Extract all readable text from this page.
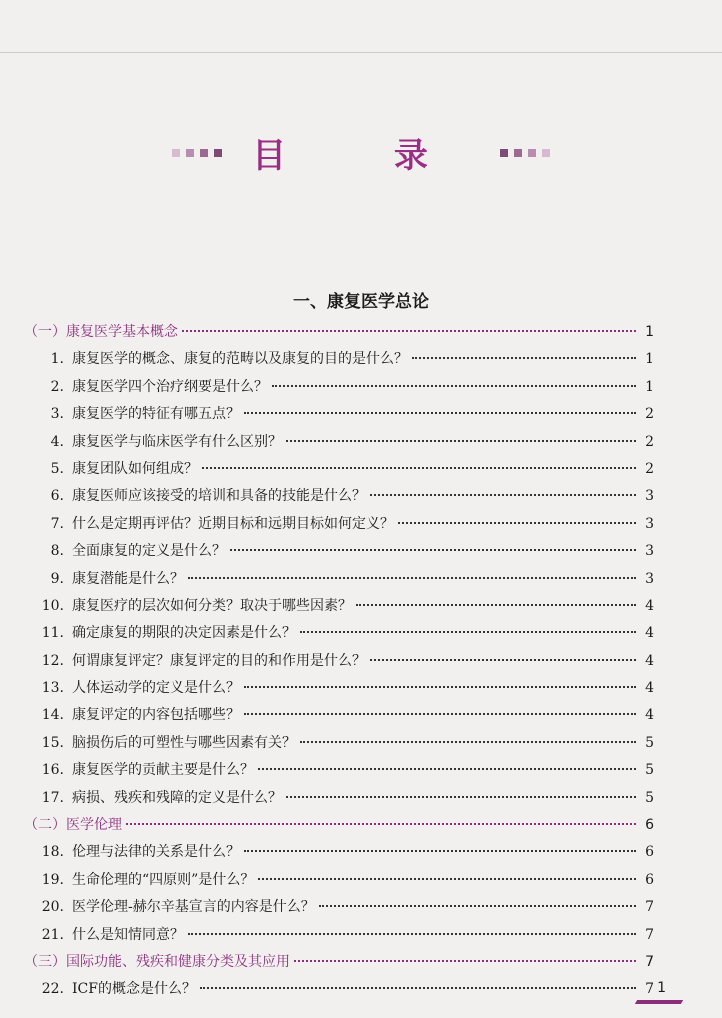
目 录
一、康复医学总论
（一） 康复医学基本概念	1
1. 康复医学的概念、康复的范畴以及康复的目的是什么？	1
2. 康复医学四个治疗纲要是什么？	1
3. 康复医学的特征有哪五点？	2
4. 康复医学与临床医学有什么区别？	2
5. 康复团队如何组成？	2
6. 康复医师应该接受的培训和具备的技能是什么？	3
7. 什么是定期再评估？近期目标和远期目标如何定义？	3
8. 全面康复的定义是什么？	3
9. 康复潜能是什么？	3
10. 康复医疗的层次如何分类？取决于哪些因素？	4
11. 确定康复的期限的决定因素是什么？	4
12. 何谓康复评定？康复评定的目的和作用是什么？	4
13. 人体运动学的定义是什么？	4
14. 康复评定的内容包括哪些？	4
15. 脑损伤后的可塑性与哪些因素有关？	5
16. 康复医学的贡献主要是什么？	5
17. 病损、残疾和残障的定义是什么？	5
（二） 医学伦理	6
18. 伦理与法律的关系是什么？	6
19. 生命伦理的“四原则”是什么？	6
20. 医学伦理-赫尔辛基宣言的内容是什么？	7
21. 什么是知情同意？	7
（三） 国际功能、残疾和健康分类及其应用	7
22. ICF的概念是什么？	7 1
